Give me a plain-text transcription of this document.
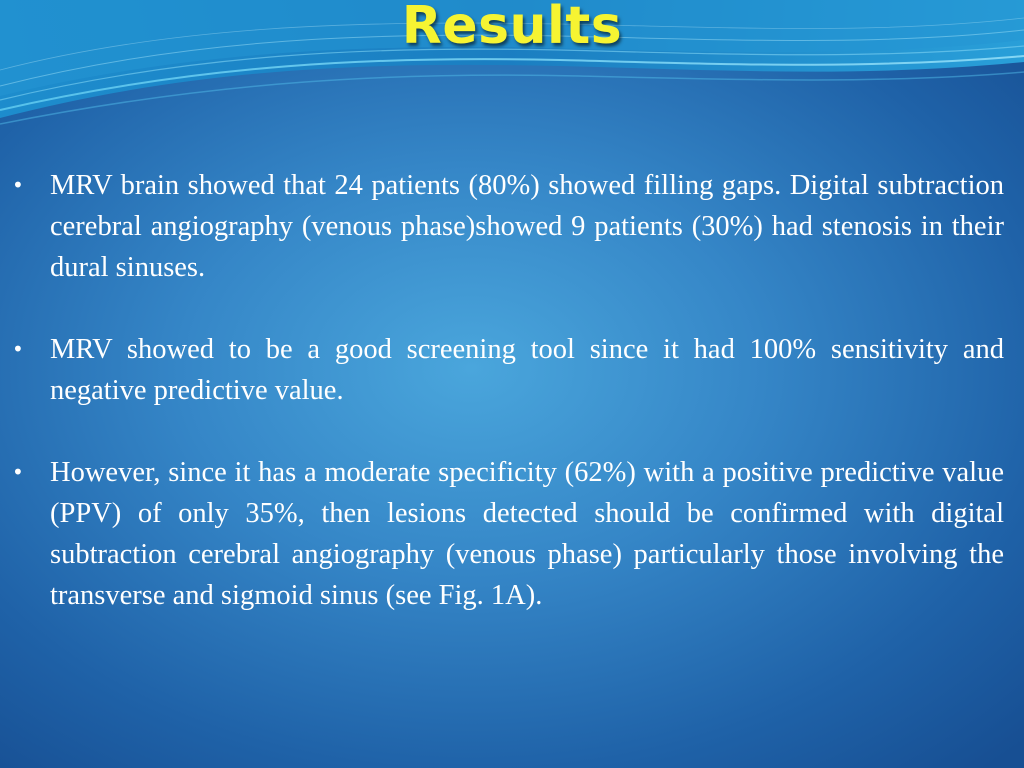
Results

• MRV brain showed that 24 patients (80%) showed filling gaps. Digital subtraction cerebral angiography (venous phase)showed 9 patients (30%) had stenosis in their dural sinuses.

• MRV showed to be a good screening tool since it had 100% sensitivity and negative predictive value.

• However, since it has a moderate specificity (62%) with a positive predictive value (PPV) of only 35%, then lesions detected should be confirmed with digital subtraction cerebral angiography (venous phase) particularly those involving the transverse and sigmoid sinus (see Fig. 1A).
